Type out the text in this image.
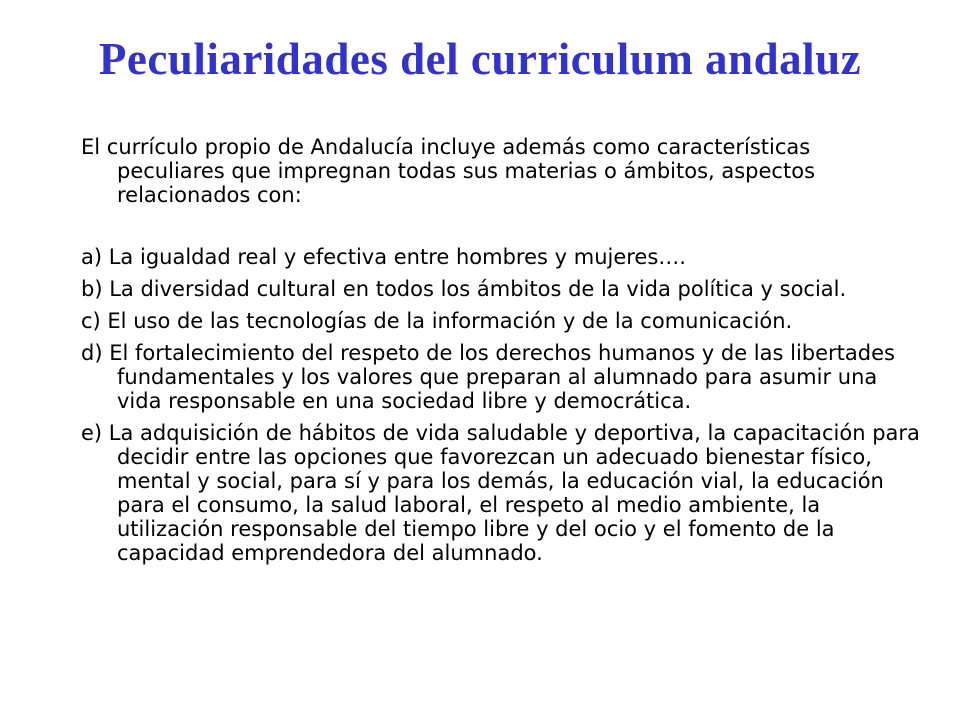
Peculiaridades del curriculum andaluz

El currículo propio de Andalucía incluye además como características peculiares que impregnan todas sus materias o ámbitos, aspectos relacionados con:

a) La igualdad real y efectiva entre hombres y mujeres….

b) La diversidad cultural en todos los ámbitos de la vida política y social.

c) El uso de las tecnologías de la información y de la comunicación.

d) El fortalecimiento del respeto de los derechos humanos y de las libertades fundamentales y los valores que preparan al alumnado para asumir una vida responsable en una sociedad libre y democrática.

e) La adquisición de hábitos de vida saludable y deportiva, la capacitación para decidir entre las opciones que favorezcan un adecuado bienestar físico, mental y social, para sí y para los demás, la educación vial, la educación para el consumo, la salud laboral, el respeto al medio ambiente, la utilización responsable del tiempo libre y del ocio y el fomento de la capacidad emprendedora del alumnado.
